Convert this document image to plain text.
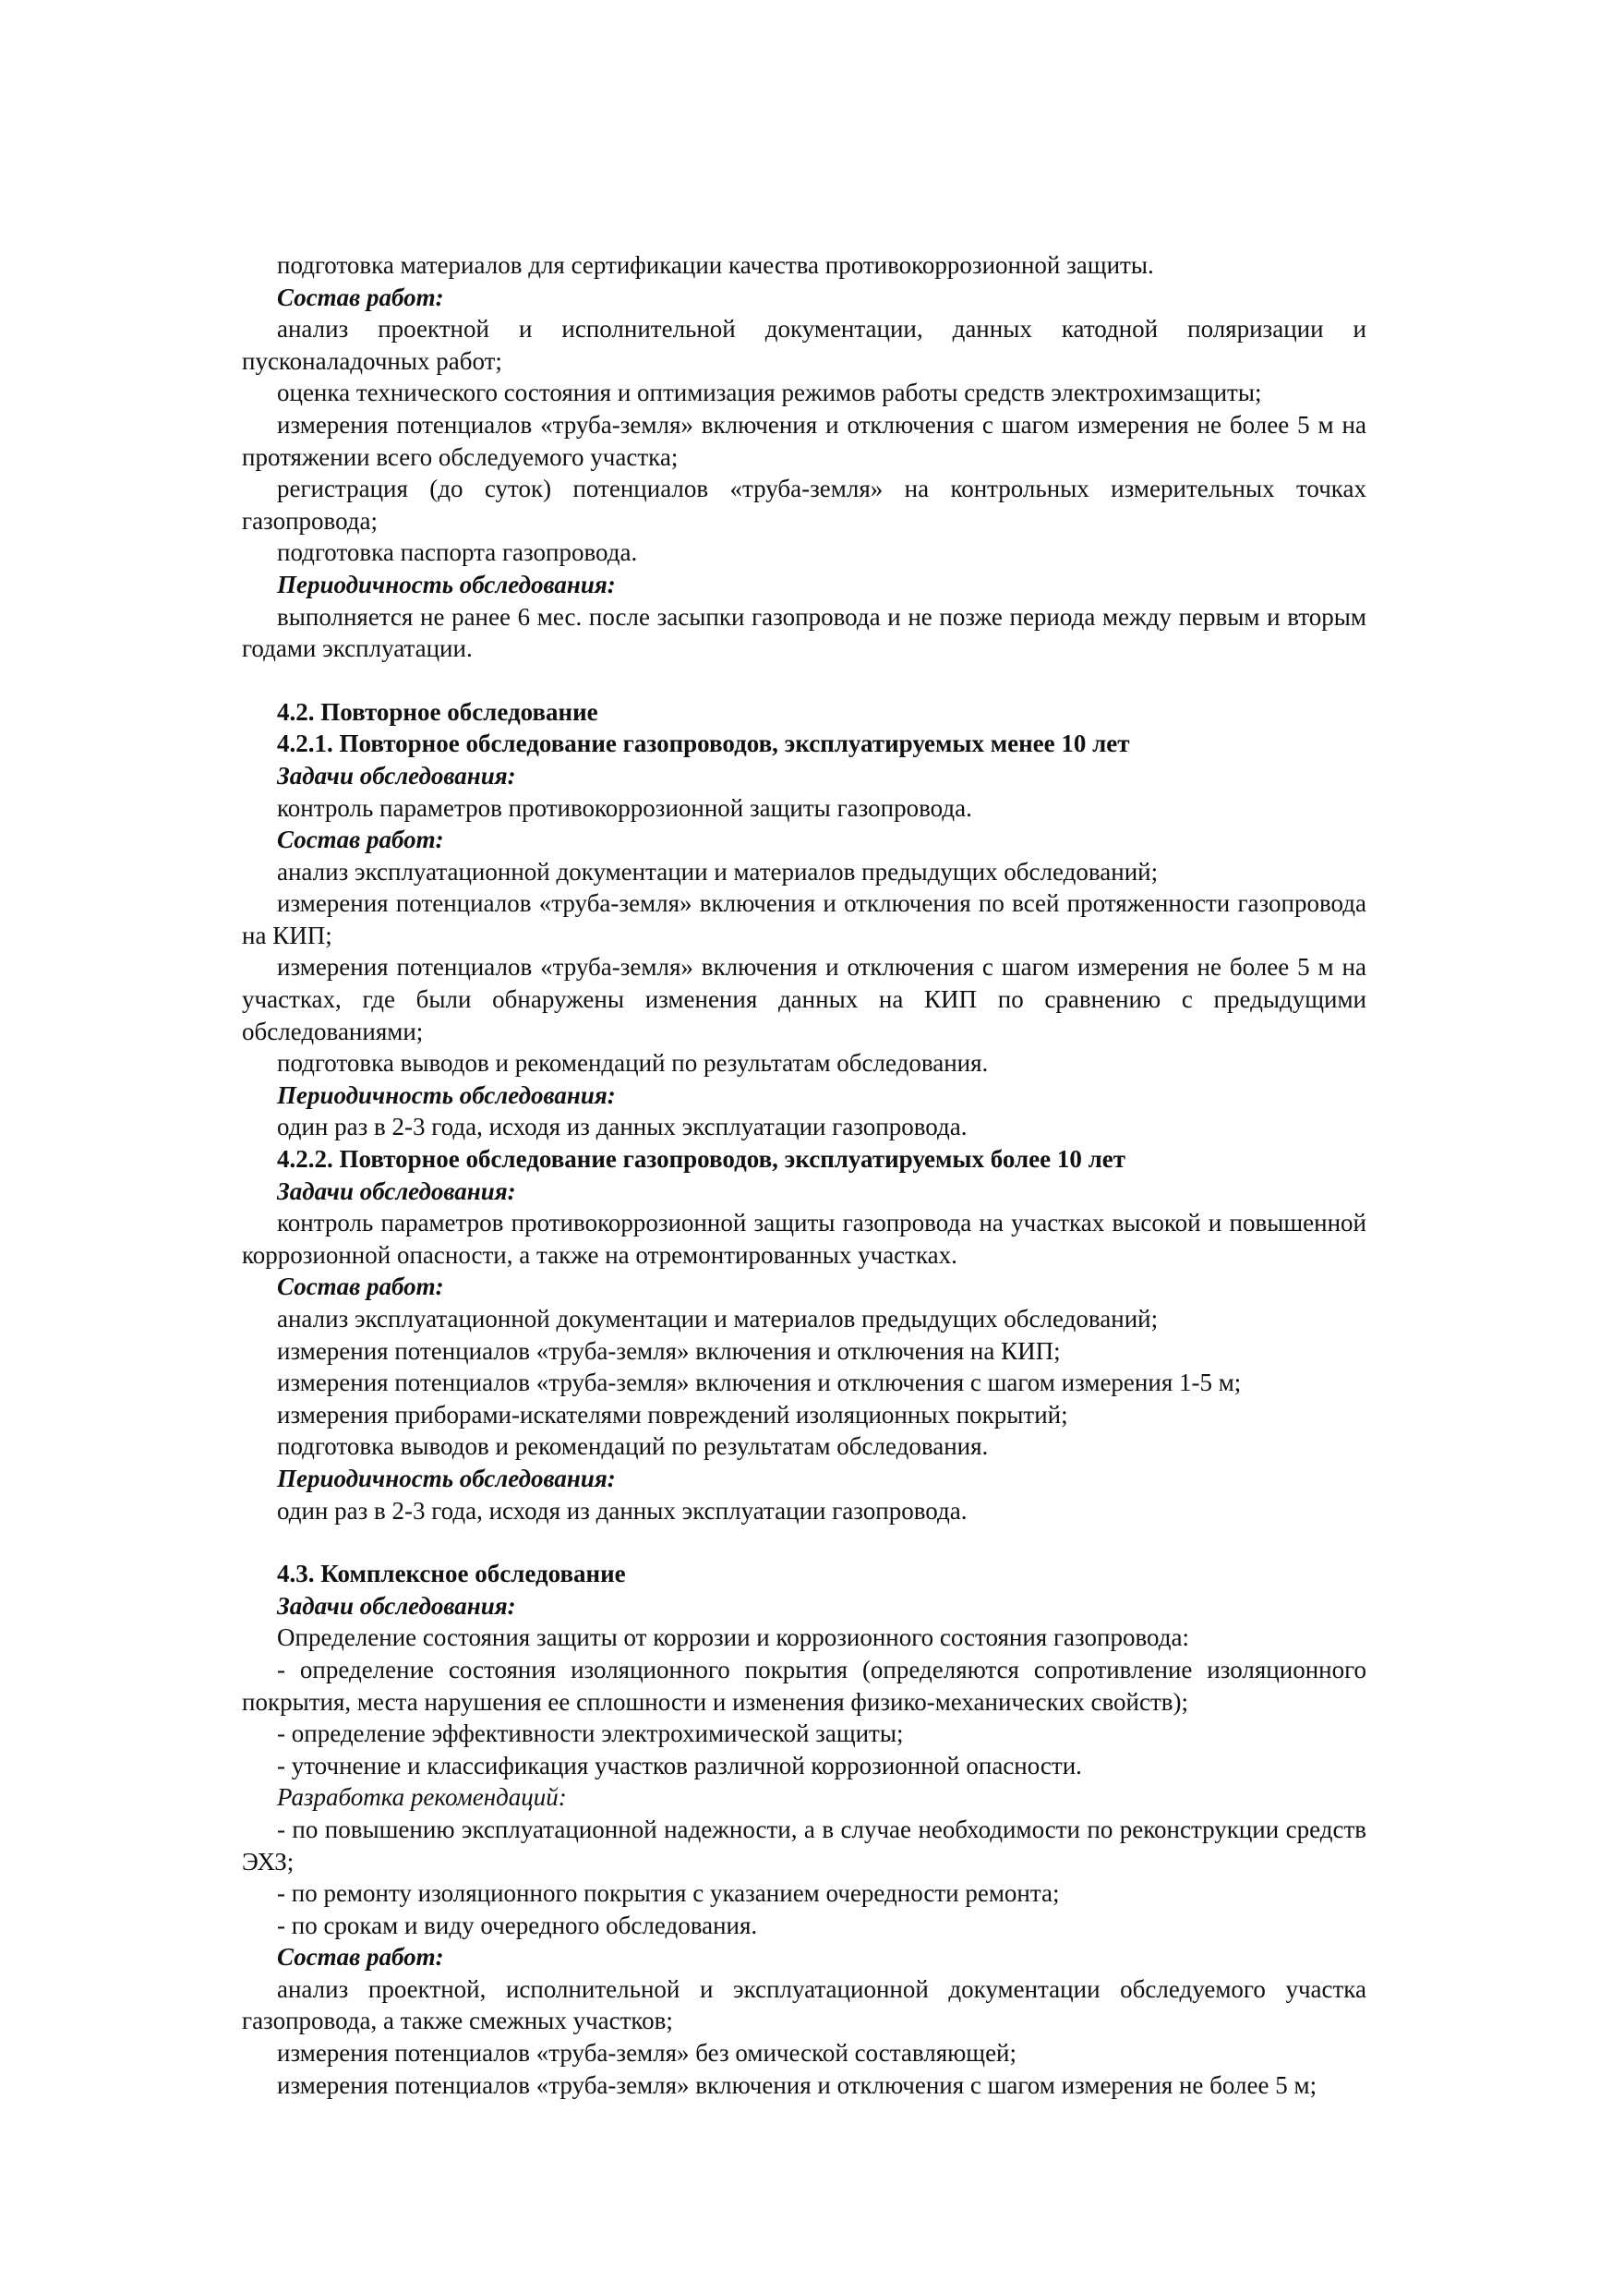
подготовка материалов для сертификации качества противокоррозионной защиты.

Состав работ:

анализ проектной и исполнительной документации, данных катодной поляризации и пусконаладочных работ;

оценка технического состояния и оптимизация режимов работы средств электрохимзащиты;

измерения потенциалов «труба-земля» включения и отключения с шагом измерения не более 5 м на протяжении всего обследуемого участка;

регистрация (до суток) потенциалов «труба-земля» на контрольных измерительных точках газопровода;

подготовка паспорта газопровода.

Периодичность обследования:

выполняется не ранее 6 мес. после засыпки газопровода и не позже периода между первым и вторым годами эксплуатации.

4.2. Повторное обследование

4.2.1. Повторное обследование газопроводов, эксплуатируемых менее 10 лет

Задачи обследования:

контроль параметров противокоррозионной защиты газопровода.

Состав работ:

анализ эксплуатационной документации и материалов предыдущих обследований;

измерения потенциалов «труба-земля» включения и отключения по всей протяженности газопровода на КИП;

измерения потенциалов «труба-земля» включения и отключения с шагом измерения не более 5 м на участках, где были обнаружены изменения данных на КИП по сравнению с предыдущими обследованиями;

подготовка выводов и рекомендаций по результатам обследования.

Периодичность обследования:

один раз в 2-3 года, исходя из данных эксплуатации газопровода.

4.2.2. Повторное обследование газопроводов, эксплуатируемых более 10 лет

Задачи обследования:

контроль параметров противокоррозионной защиты газопровода на участках высокой и повышенной коррозионной опасности, а также на отремонтированных участках.

Состав работ:

анализ эксплуатационной документации и материалов предыдущих обследований;

измерения потенциалов «труба-земля» включения и отключения на КИП;

измерения потенциалов «труба-земля» включения и отключения с шагом измерения 1-5 м;

измерения приборами-искателями повреждений изоляционных покрытий;

подготовка выводов и рекомендаций по результатам обследования.

Периодичность обследования:

один раз в 2-3 года, исходя из данных эксплуатации газопровода.

4.3. Комплексное обследование

Задачи обследования:

Определение состояния защиты от коррозии и коррозионного состояния газопровода:

- определение состояния изоляционного покрытия (определяются сопротивление изоляционного покрытия, места нарушения ее сплошности и изменения физико-механических свойств);

- определение эффективности электрохимической защиты;

- уточнение и классификация участков различной коррозионной опасности.

Разработка рекомендаций:

- по повышению эксплуатационной надежности, а в случае необходимости по реконструкции средств ЭХЗ;

- по ремонту изоляционного покрытия с указанием очередности ремонта;

- по срокам и виду очередного обследования.

Состав работ:

анализ проектной, исполнительной и эксплуатационной документации обследуемого участка газопровода, а также смежных участков;

измерения потенциалов «труба-земля» без омической составляющей;

измерения потенциалов «труба-земля» включения и отключения с шагом измерения не более 5 м;
